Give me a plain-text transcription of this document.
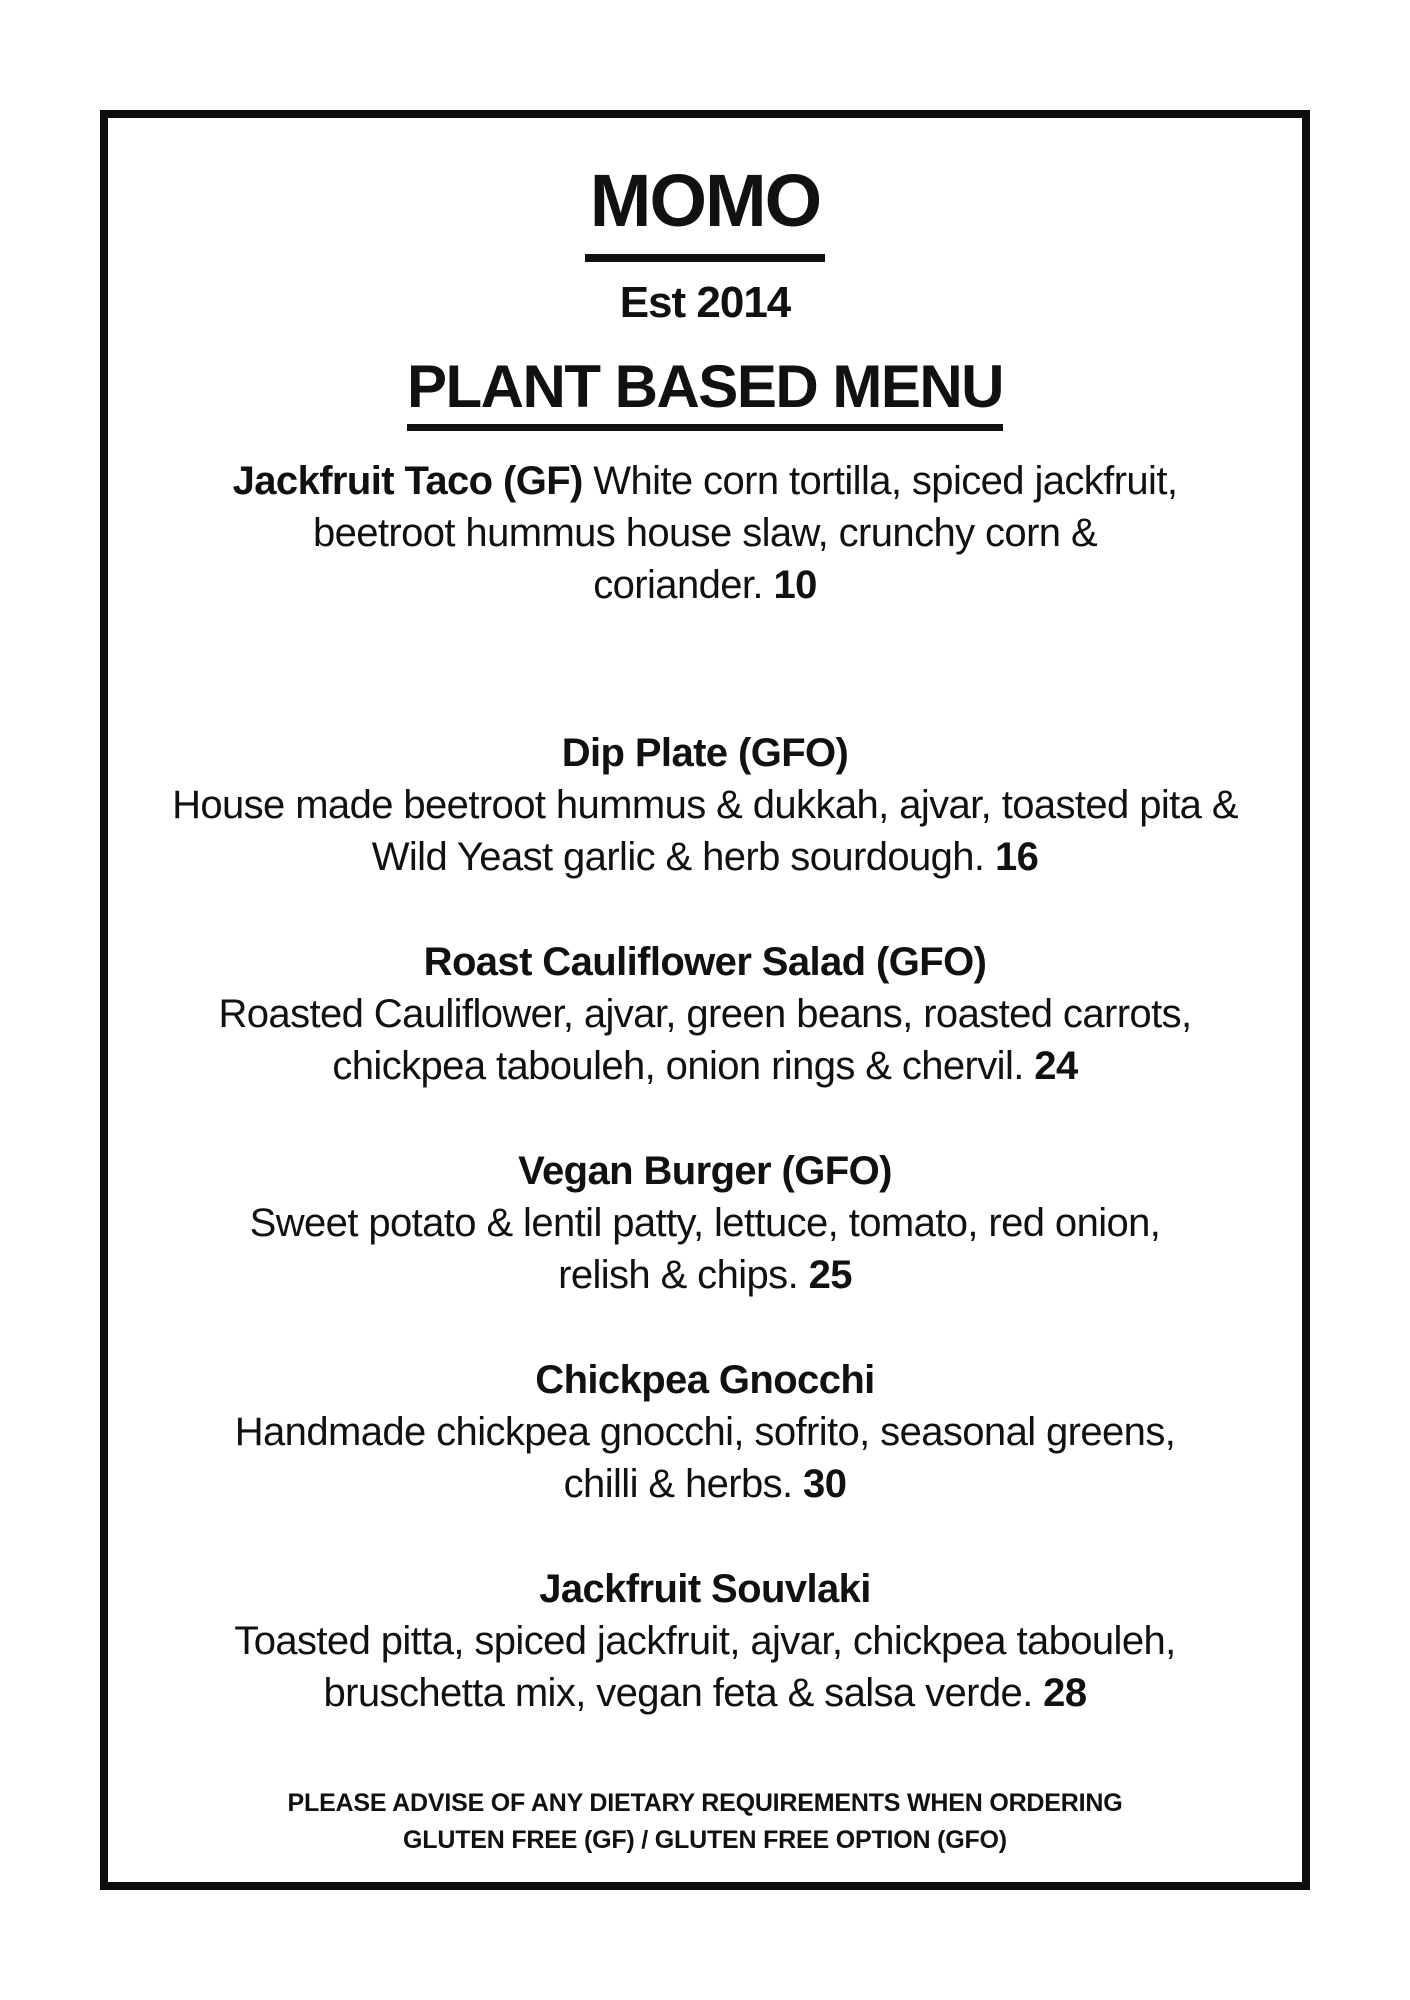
MOMO
Est 2014
PLANT BASED MENU
Jackfruit Taco (GF) White corn tortilla, spiced jackfruit,
beetroot hummus house slaw, crunchy corn &
coriander. 10
Dip Plate (GFO)
House made beetroot hummus & dukkah, ajvar, toasted pita &
Wild Yeast garlic & herb sourdough. 16
Roast Cauliflower Salad (GFO)
Roasted Cauliflower, ajvar, green beans, roasted carrots,
chickpea tabouleh, onion rings & chervil. 24
Vegan Burger (GFO)
Sweet potato & lentil patty, lettuce, tomato, red onion,
relish & chips. 25
Chickpea Gnocchi
Handmade chickpea gnocchi, sofrito, seasonal greens,
chilli & herbs. 30
Jackfruit Souvlaki
Toasted pitta, spiced jackfruit, ajvar, chickpea tabouleh,
bruschetta mix, vegan feta & salsa verde. 28
PLEASE ADVISE OF ANY DIETARY REQUIREMENTS WHEN ORDERING
GLUTEN FREE (GF) / GLUTEN FREE OPTION (GFO)
